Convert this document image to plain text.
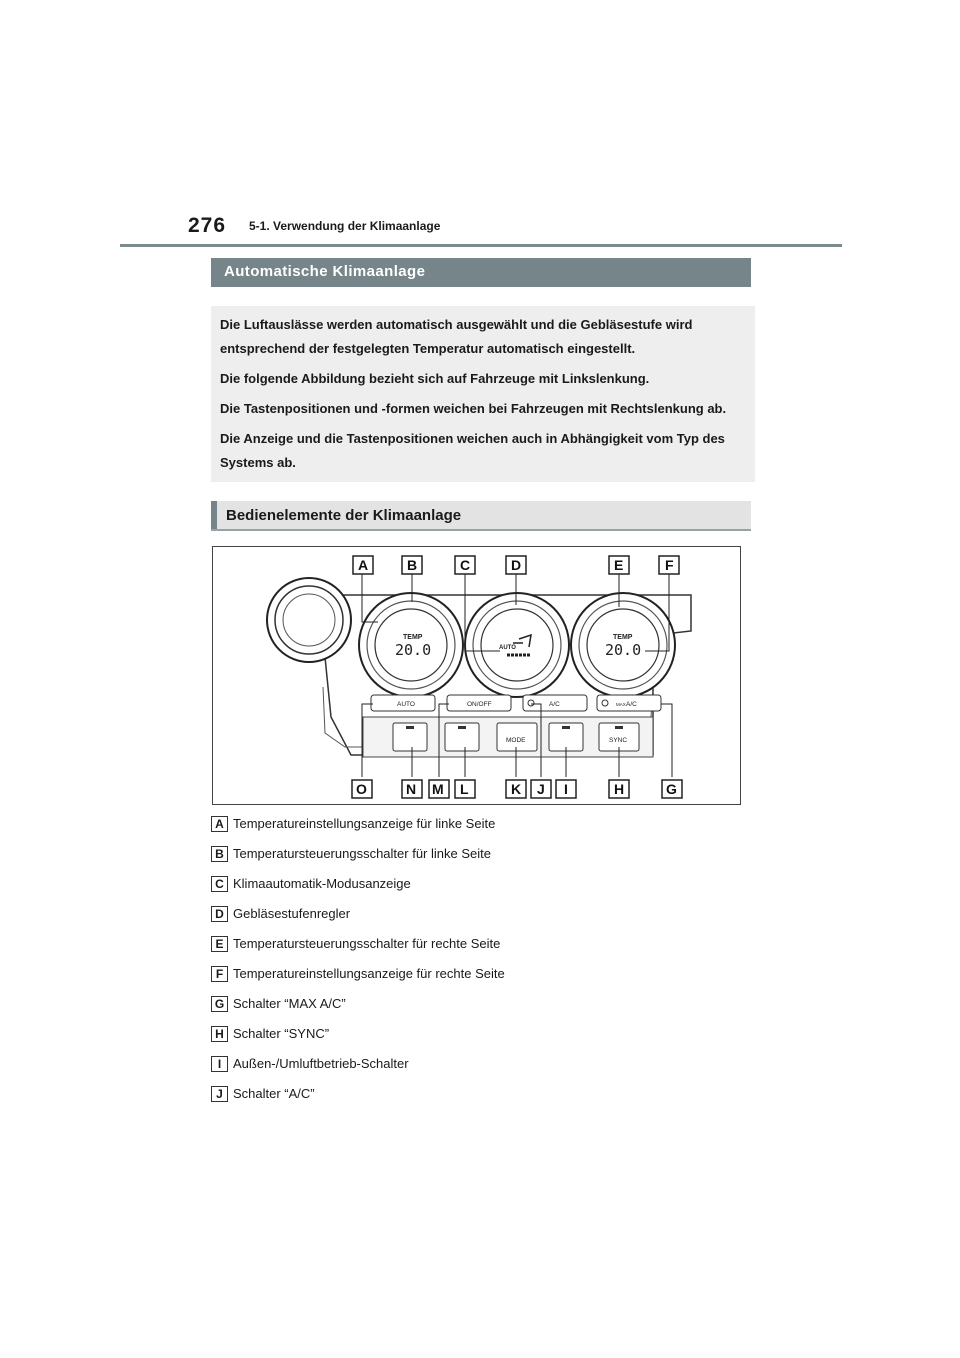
276 5-1. Verwendung der Klimaanlage
Automatische Klimaanlage

Die Luftauslässe werden automatisch ausgewählt und die Gebläsestufe wird entsprechend der festgelegten Temperatur automatisch eingestellt.

Die folgende Abbildung bezieht sich auf Fahrzeuge mit Linkslenkung.

Die Tastenpositionen und -formen weichen bei Fahrzeugen mit Rechtslenkung ab.

Die Anzeige und die Tastenpositionen weichen auch in Abhängigkeit vom Typ des Systems ab.

Bedienelemente der Klimaanlage
TEMP
20.0	AUTO
TEMP
20.0
AUTO	ON/OFF	A/C	MAX A/C
MODE	SYNC
A	B	C	D	E	F
O	N M L	K J I	H	G
A Temperatureinstellungsanzeige für linke Seite
B Temperatursteuerungsschalter für linke Seite
C Klimaautomatik-Modusanzeige
D Gebläsestufenregler
E Temperatursteuerungsschalter für rechte Seite
F Temperatureinstellungsanzeige für rechte Seite
G Schalter “MAX A/C”
H Schalter “SYNC”
I Außen-/Umluftbetrieb-Schalter
J Schalter “A/C”
